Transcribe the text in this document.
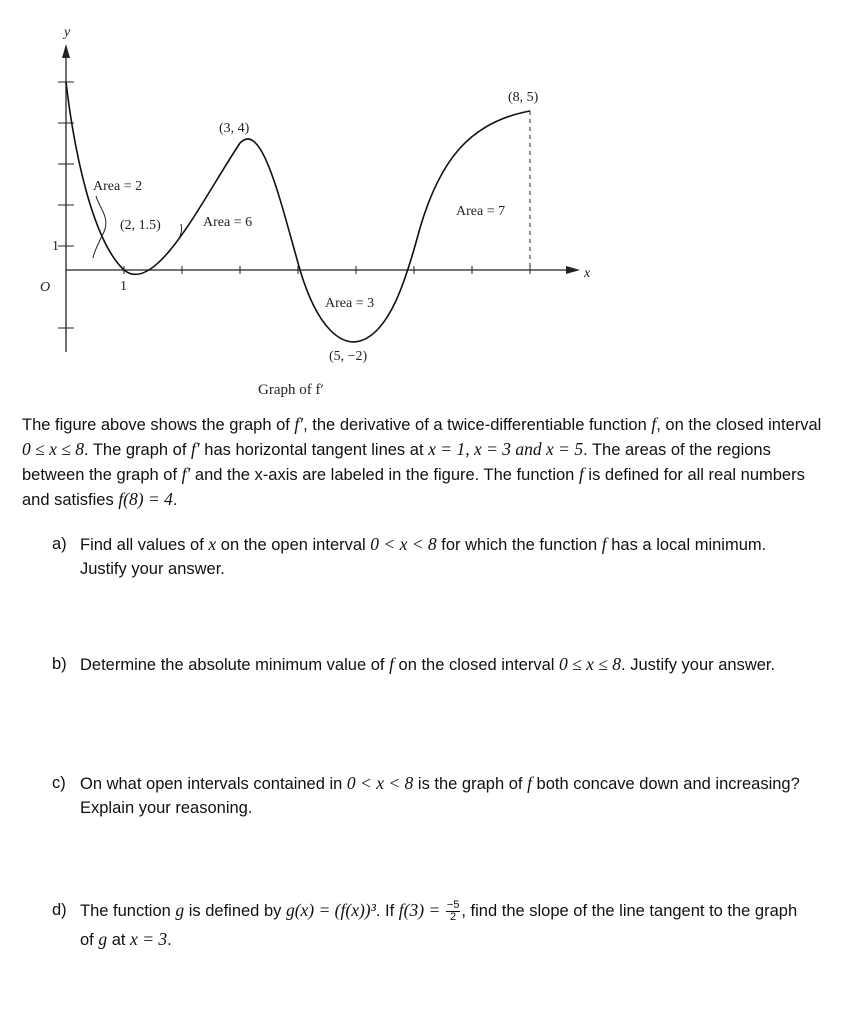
y
x
O	1
1
(3, 4)
(8, 5)
(2, 1.5)
(5, −2)
Area = 2
Area = 6
Area = 7
Area = 3
Graph of f′
The figure above shows the graph of f′, the derivative of a twice-differentiable function f, on the closed interval 0 ≤ x ≤ 8. The graph of f′ has horizontal tangent lines at x = 1, x = 3 and x = 5. The areas of the regions between the graph of f′ and the x-axis are labeled in the figure. The function f is defined for all real numbers and satisfies f(8) = 4.
a) Find all values of x on the open interval 0 < x < 8 for which the function f has a local minimum. Justify your answer.
b) Determine the absolute minimum value of f on the closed interval 0 ≤ x ≤ 8. Justify your answer.
c) On what open intervals contained in 0 < x < 8 is the graph of f both concave down and increasing? Explain your reasoning.
d) The function g is defined by g(x) = (f(x))³. If $f(3) = \frac{-5}{2}$ , find the slope of the line tangent to the graph of g at x = 3.
